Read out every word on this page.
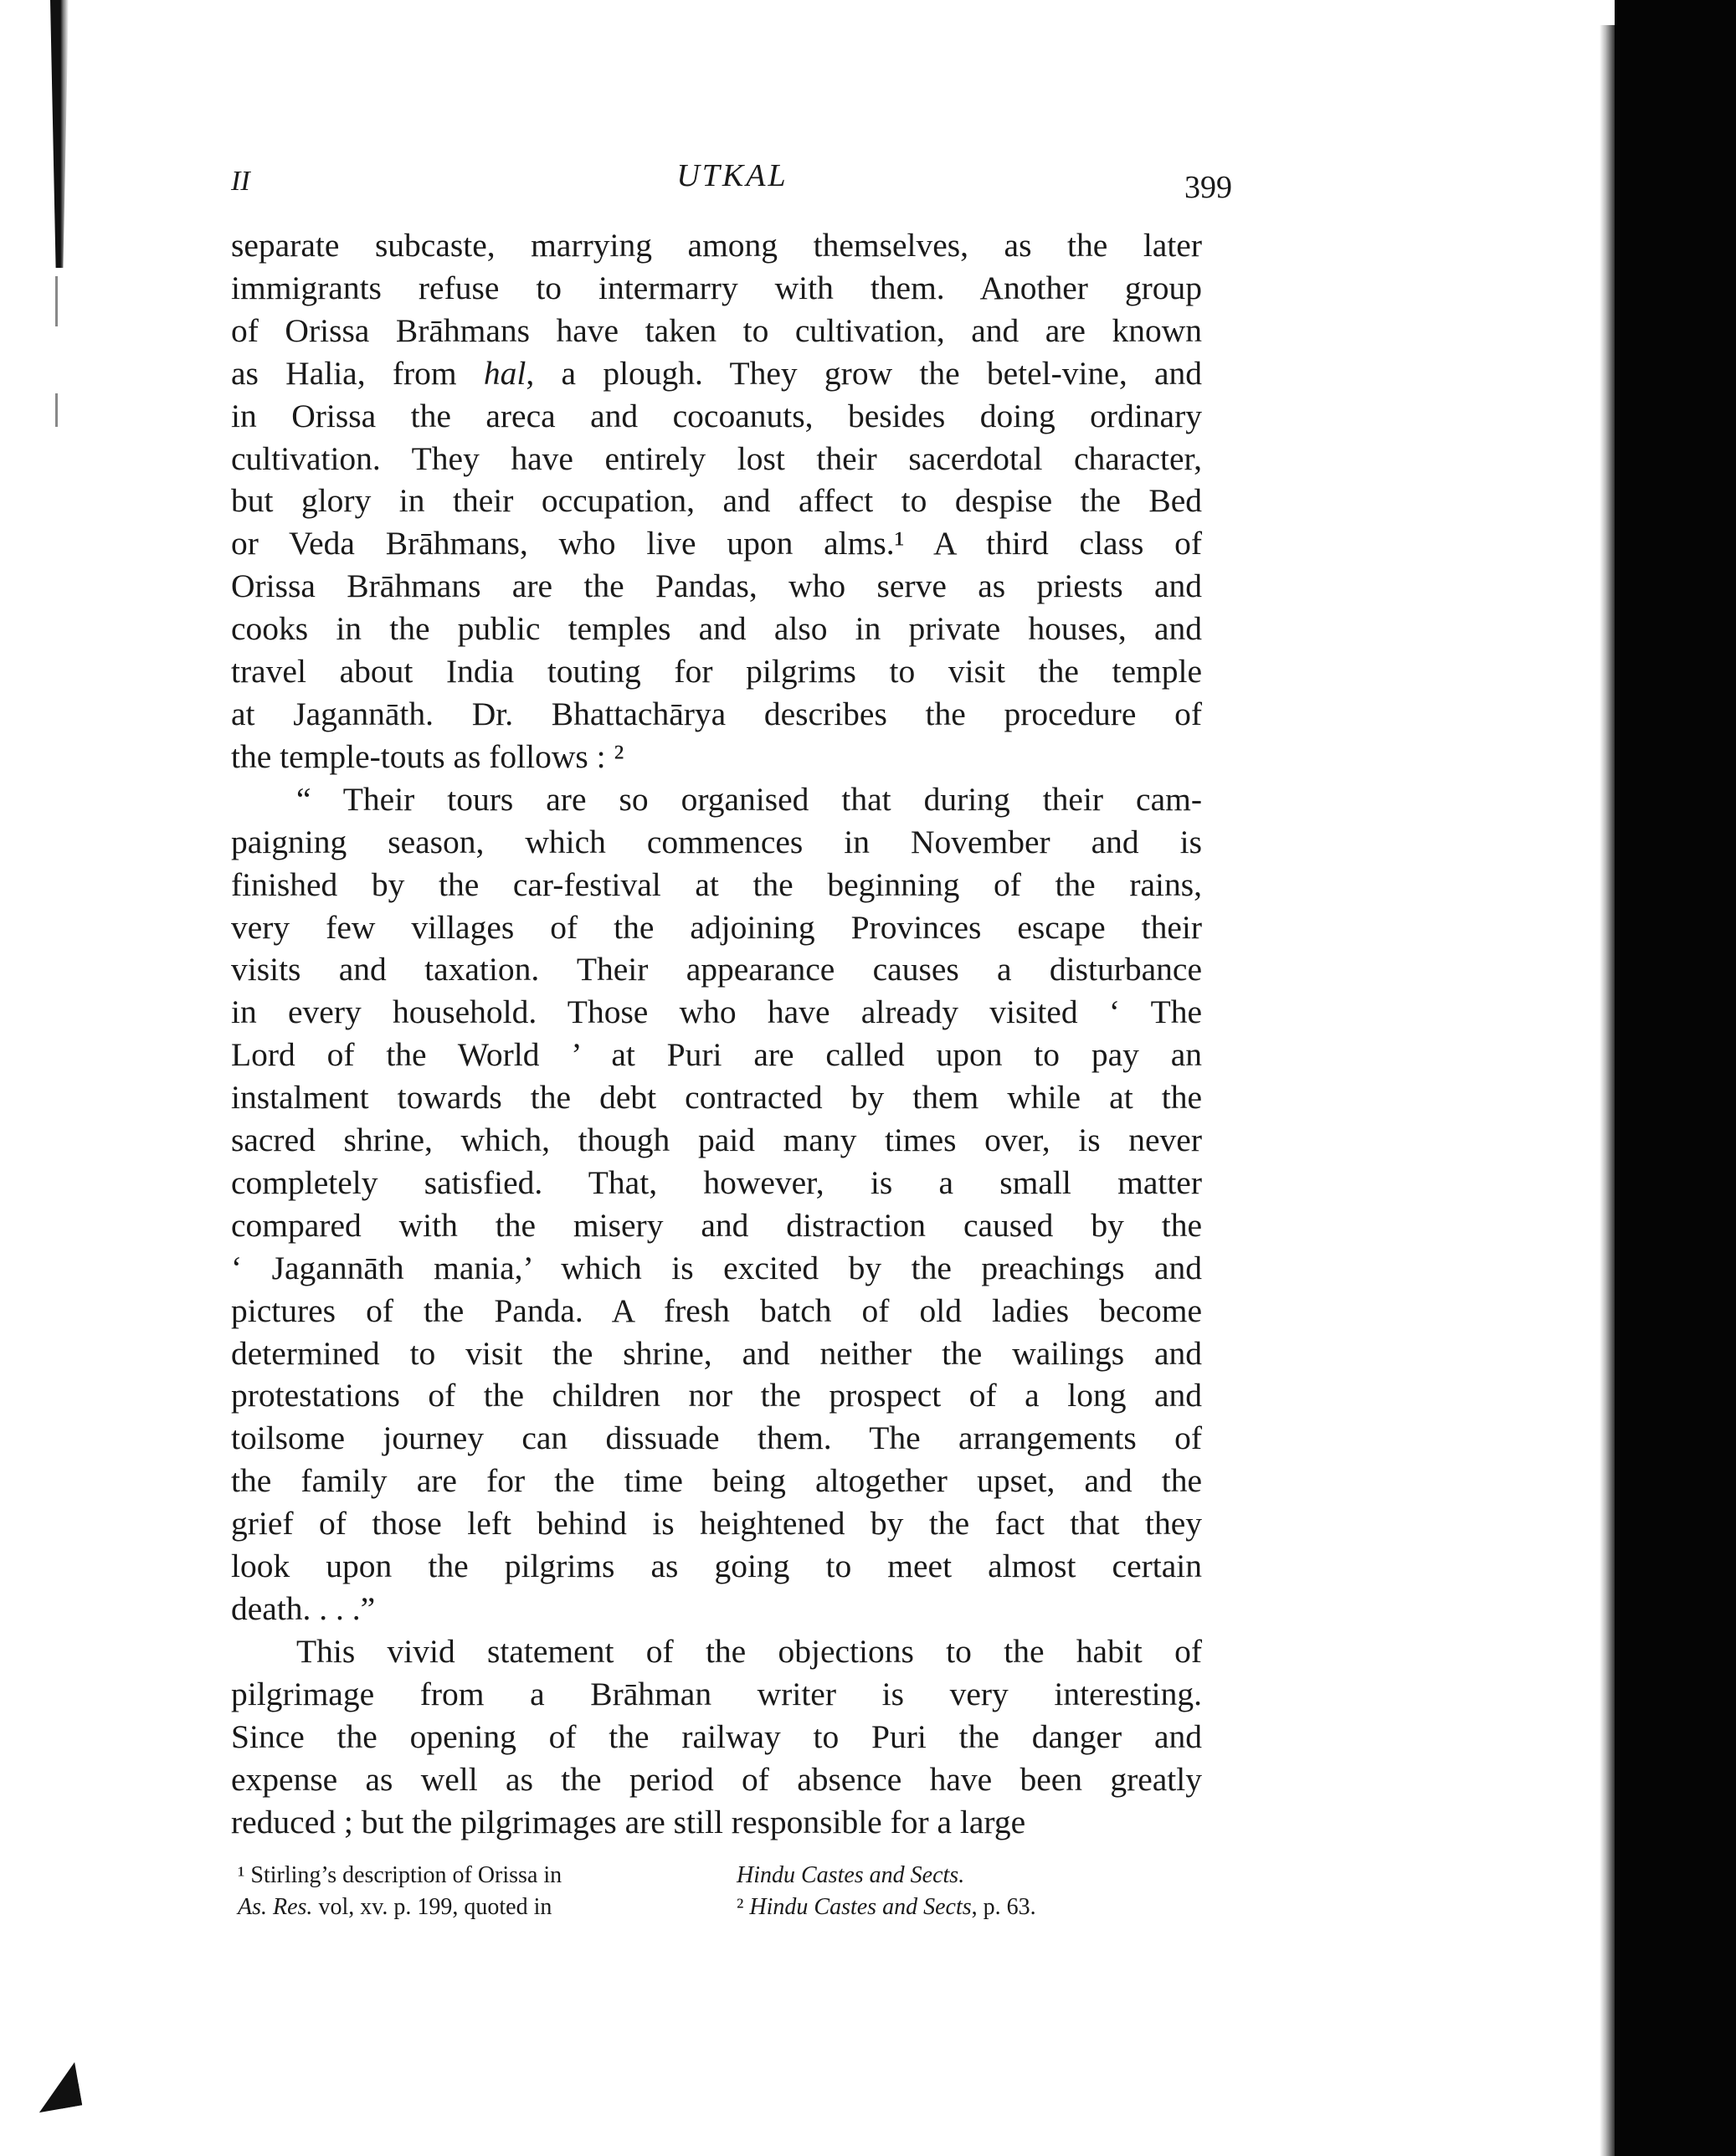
II	UTKAL	399
separate subcaste, marrying among themselves, as the later
immigrants refuse to intermarry with them. Another group
of Orissa Brāhmans have taken to cultivation, and are known
as Halia, from hal, a plough. They grow the betel-vine, and
in Orissa the areca and cocoanuts, besides doing ordinary
cultivation. They have entirely lost their sacerdotal character,
but glory in their occupation, and affect to despise the Bed
or Veda Brāhmans, who live upon alms.¹ A third class of
Orissa Brāhmans are the Pandas, who serve as priests and
cooks in the public temples and also in private houses, and
travel about India touting for pilgrims to visit the temple
at Jagannāth. Dr. Bhattachārya describes the procedure of
the temple-touts as follows : ²
“ Their tours are so organised that during their cam-
paigning season, which commences in November and is
finished by the car-festival at the beginning of the rains,
very few villages of the adjoining Provinces escape their
visits and taxation. Their appearance causes a disturbance
in every household. Those who have already visited ‘ The
Lord of the World ’ at Puri are called upon to pay an
instalment towards the debt contracted by them while at the
sacred shrine, which, though paid many times over, is never
completely satisfied. That, however, is a small matter
compared with the misery and distraction caused by the
‘ Jagannāth mania,’ which is excited by the preachings and
pictures of the Panda. A fresh batch of old ladies become
determined to visit the shrine, and neither the wailings and
protestations of the children nor the prospect of a long and
toilsome journey can dissuade them. The arrangements of
the family are for the time being altogether upset, and the
grief of those left behind is heightened by the fact that they
look upon the pilgrims as going to meet almost certain
death. . . .”
This vivid statement of the objections to the habit of
pilgrimage from a Brāhman writer is very interesting.
Since the opening of the railway to Puri the danger and
expense as well as the period of absence have been greatly
reduced ; but the pilgrimages are still responsible for a large
¹ Stirling’s description of Orissa in
As. Res. vol, xv. p. 199, quoted in
Hindu Castes and Sects.
² Hindu Castes and Sects, p. 63.
